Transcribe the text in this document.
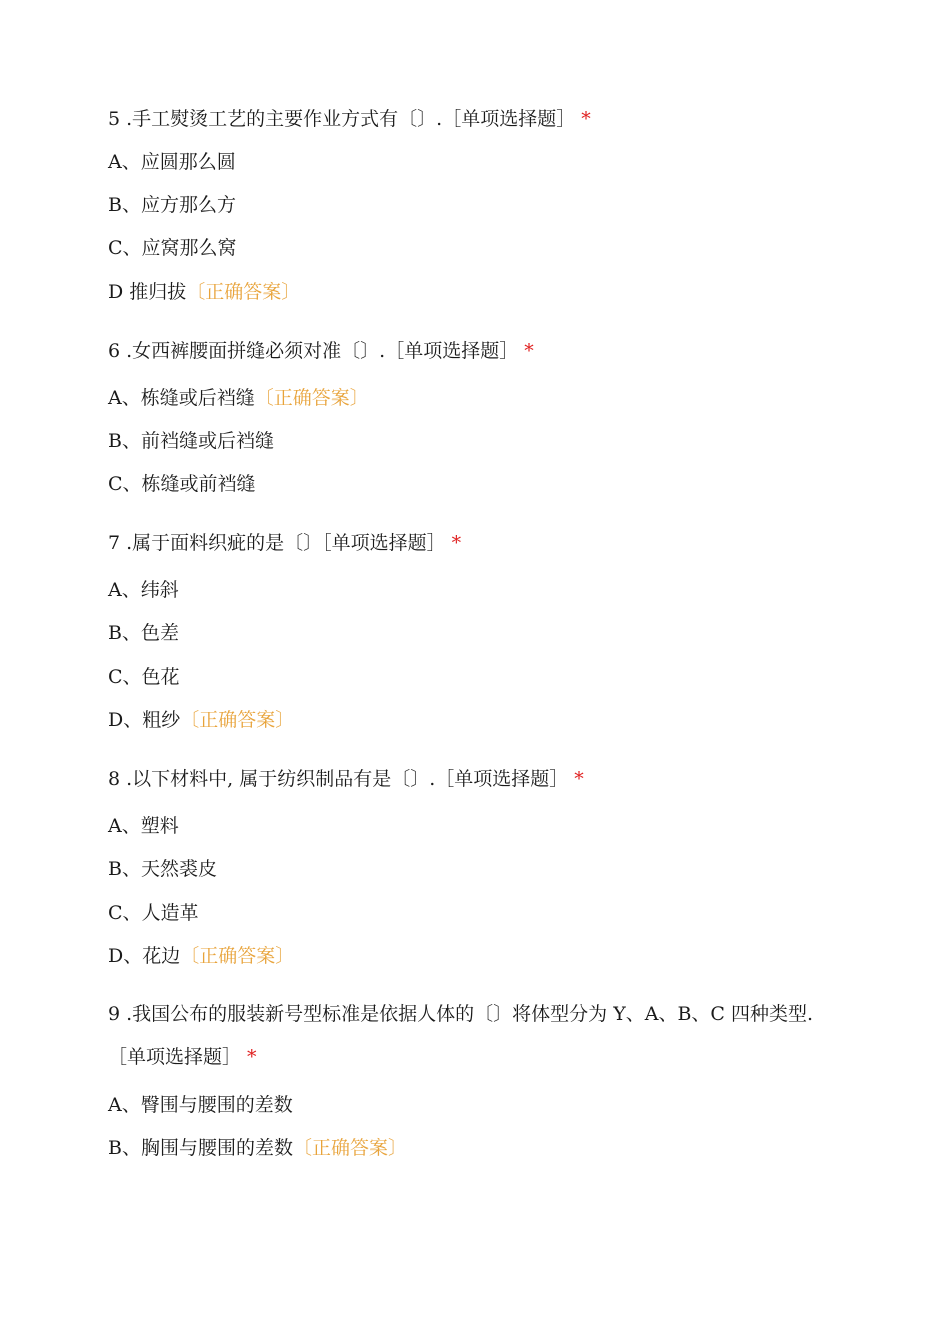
5 .手工熨烫工艺的主要作业方式有〔〕.［单项选择题］ *
A、应圆那么圆
B、应方那么方
C、应窝那么窝
D 推归拔〔正确答案〕
6 .女西裤腰面拼缝必须对准〔〕.［单项选择题］ *
A、栋缝或后裆缝〔正确答案〕
B、前裆缝或后裆缝
C、栋缝或前裆缝
7 .属于面料织疵的是〔〕［单项选择题］ *
A、纬斜
B、色差
C、色花
D、粗纱〔正确答案〕
8 .以下材料中, 属于纺织制品有是〔〕.［单项选择题］ *
A、塑料
B、天然裘皮
C、人造革
D、花边〔正确答案〕
9 .我国公布的服装新号型标准是依据人体的〔〕将体型分为 Y、A、B、C 四种类型.［单项选择题］ *
A、臀围与腰围的差数
B、胸围与腰围的差数〔正确答案〕
